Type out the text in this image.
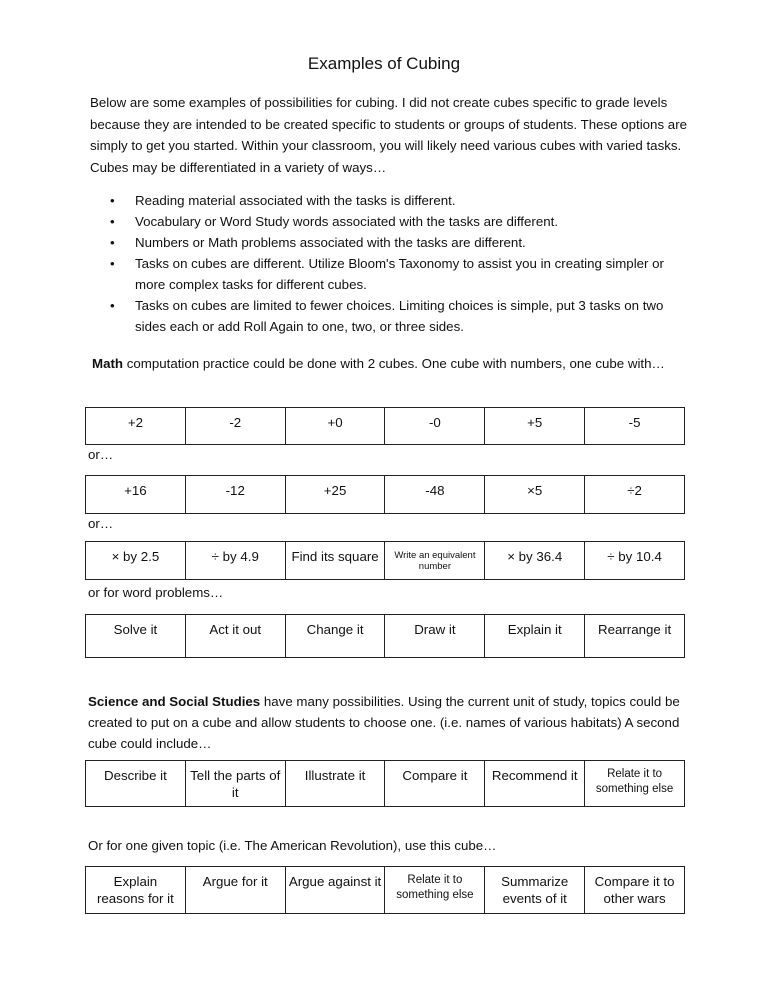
Examples of Cubing
Below are some examples of possibilities for cubing. I did not create cubes specific to grade levels because they are intended to be created specific to students or groups of students. These options are simply to get you started. Within your classroom, you will likely need various cubes with varied tasks. Cubes may be differentiated in a variety of ways…
• Reading material associated with the tasks is different.
• Vocabulary or Word Study words associated with the tasks are different.
• Numbers or Math problems associated with the tasks are different.
• Tasks on cubes are different. Utilize Bloom's Taxonomy to assist you in creating simpler or more complex tasks for different cubes.
• Tasks on cubes are limited to fewer choices. Limiting choices is simple, put 3 tasks on two sides each or add Roll Again to one, two, or three sides.
Math computation practice could be done with 2 cubes. One cube with numbers, one cube with…
+2	-2	+0	-0	+5	-5
or…
+16	-12	+25	-48	×5	÷2
or…
× by 2.5	÷ by 4.9	Find its square	Write an equivalent number	× by 36.4	÷ by 10.4
or for word problems…
Solve it	Act it out	Change it	Draw it	Explain it	Rearrange it
Science and Social Studies have many possibilities. Using the current unit of study, topics could be created to put on a cube and allow students to choose one. (i.e. names of various habitats) A second cube could include…
Describe it	Tell the parts of it	Illustrate it	Compare it	Recommend it	Relate it to something else
Or for one given topic (i.e. The American Revolution), use this cube…
Explain reasons for it	Argue for it	Argue against it	Relate it to something else	Summarize events of it	Compare it to other wars
